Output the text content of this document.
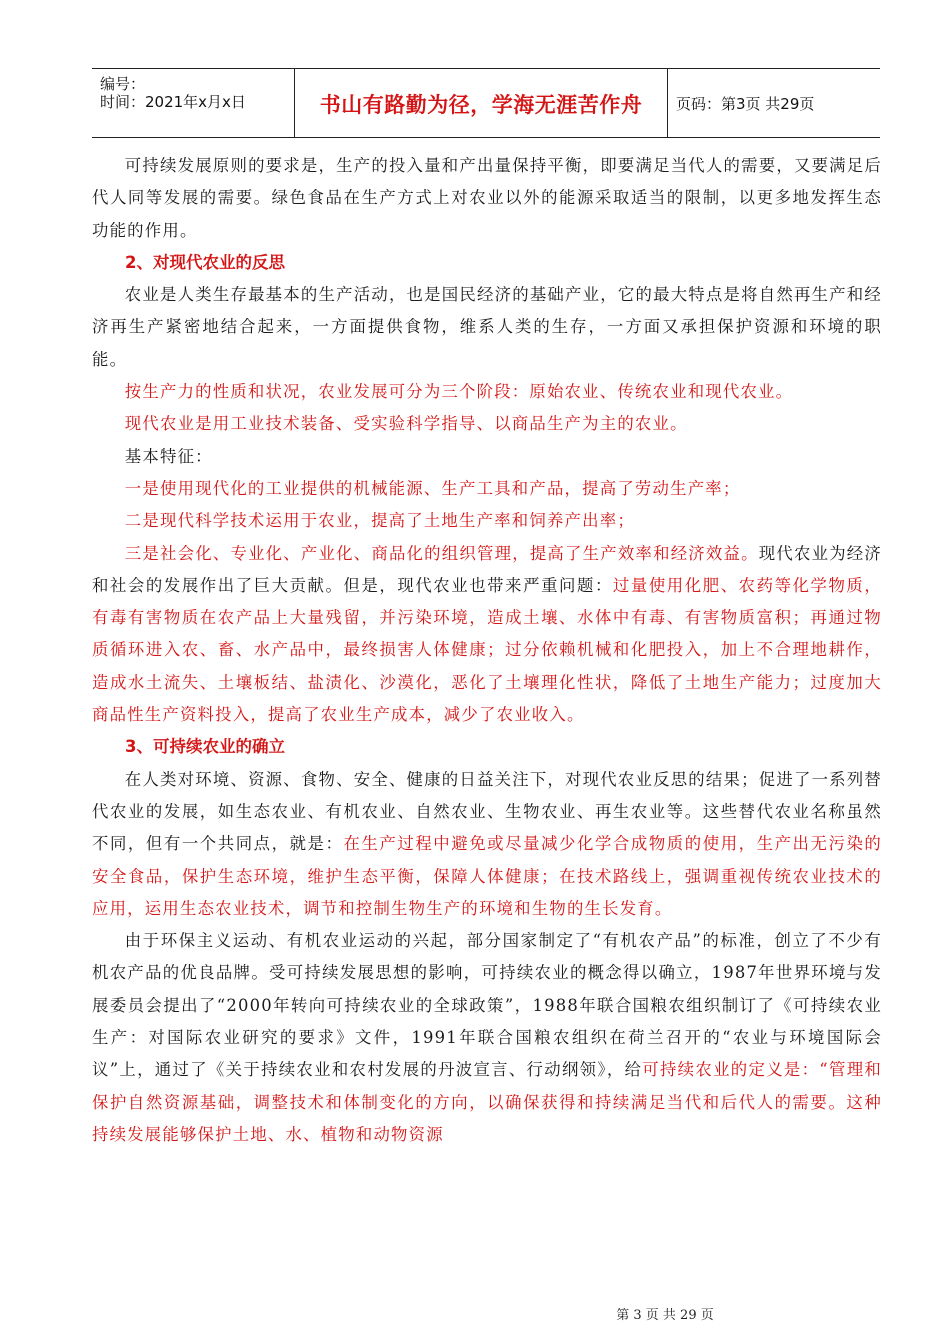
编号：
时间：2021年x月x日	书山有路勤为径，学海无涯苦作舟	页码：第3页 共29页

可持续发展原则的要求是，生产的投入量和产出量保持平衡，即要满足当代人的需要，又要满足后代人同等发展的需要。绿色食品在生产方式上对农业以外的能源采取适当的限制，以更多地发挥生态功能的作用。

2、对现代农业的反思

农业是人类生存最基本的生产活动，也是国民经济的基础产业，它的最大特点是将自然再生产和经济再生产紧密地结合起来，一方面提供食物，维系人类的生存，一方面又承担保护资源和环境的职能。

按生产力的性质和状况，农业发展可分为三个阶段：原始农业、传统农业和现代农业。

现代农业是用工业技术装备、受实验科学指导、以商品生产为主的农业。

基本特征：

一是使用现代化的工业提供的机械能源、生产工具和产品，提高了劳动生产率；

二是现代科学技术运用于农业，提高了土地生产率和饲养产出率；

三是社会化、专业化、产业化、商品化的组织管理，提高了生产效率和经济效益。现代农业为经济和社会的发展作出了巨大贡献。但是，现代农业也带来严重问题：过量使用化肥、农药等化学物质，有毒有害物质在农产品上大量残留，并污染环境，造成土壤、水体中有毒、有害物质富积；再通过物质循环进入农、畜、水产品中，最终损害人体健康；过分依赖机械和化肥投入，加上不合理地耕作，造成水土流失、土壤板结、盐渍化、沙漠化，恶化了土壤理化性状，降低了土地生产能力；过度加大商品性生产资料投入，提高了农业生产成本，减少了农业收入。

3、可持续农业的确立

在人类对环境、资源、食物、安全、健康的日益关注下，对现代农业反思的结果；促进了一系列替代农业的发展，如生态农业、有机农业、自然农业、生物农业、再生农业等。这些替代农业名称虽然不同，但有一个共同点，就是：在生产过程中避免或尽量减少化学合成物质的使用，生产出无污染的安全食品，保护生态环境，维护生态平衡，保障人体健康；在技术路线上，强调重视传统农业技术的应用，运用生态农业技术，调节和控制生物生产的环境和生物的生长发育。

由于环保主义运动、有机农业运动的兴起，部分国家制定了“有机农产品”的标准，创立了不少有机农产品的优良品牌。受可持续发展思想的影响，可持续农业的概念得以确立，1987年世界环境与发展委员会提出了“2000年转向可持续农业的全球政策”，1988年联合国粮农组织制订了《可持续农业生产：对国际农业研究的要求》文件，1991年联合国粮农组织在荷兰召开的“农业与环境国际会议”上，通过了《关于持续农业和农村发展的丹波宣言、行动纲领》，给可持续农业的定义是：“管理和保护自然资源基础，调整技术和体制变化的方向，以确保获得和持续满足当代和后代人的需要。这种持续发展能够保护土地、水、植物和动物资源

第 3 页 共 29 页
